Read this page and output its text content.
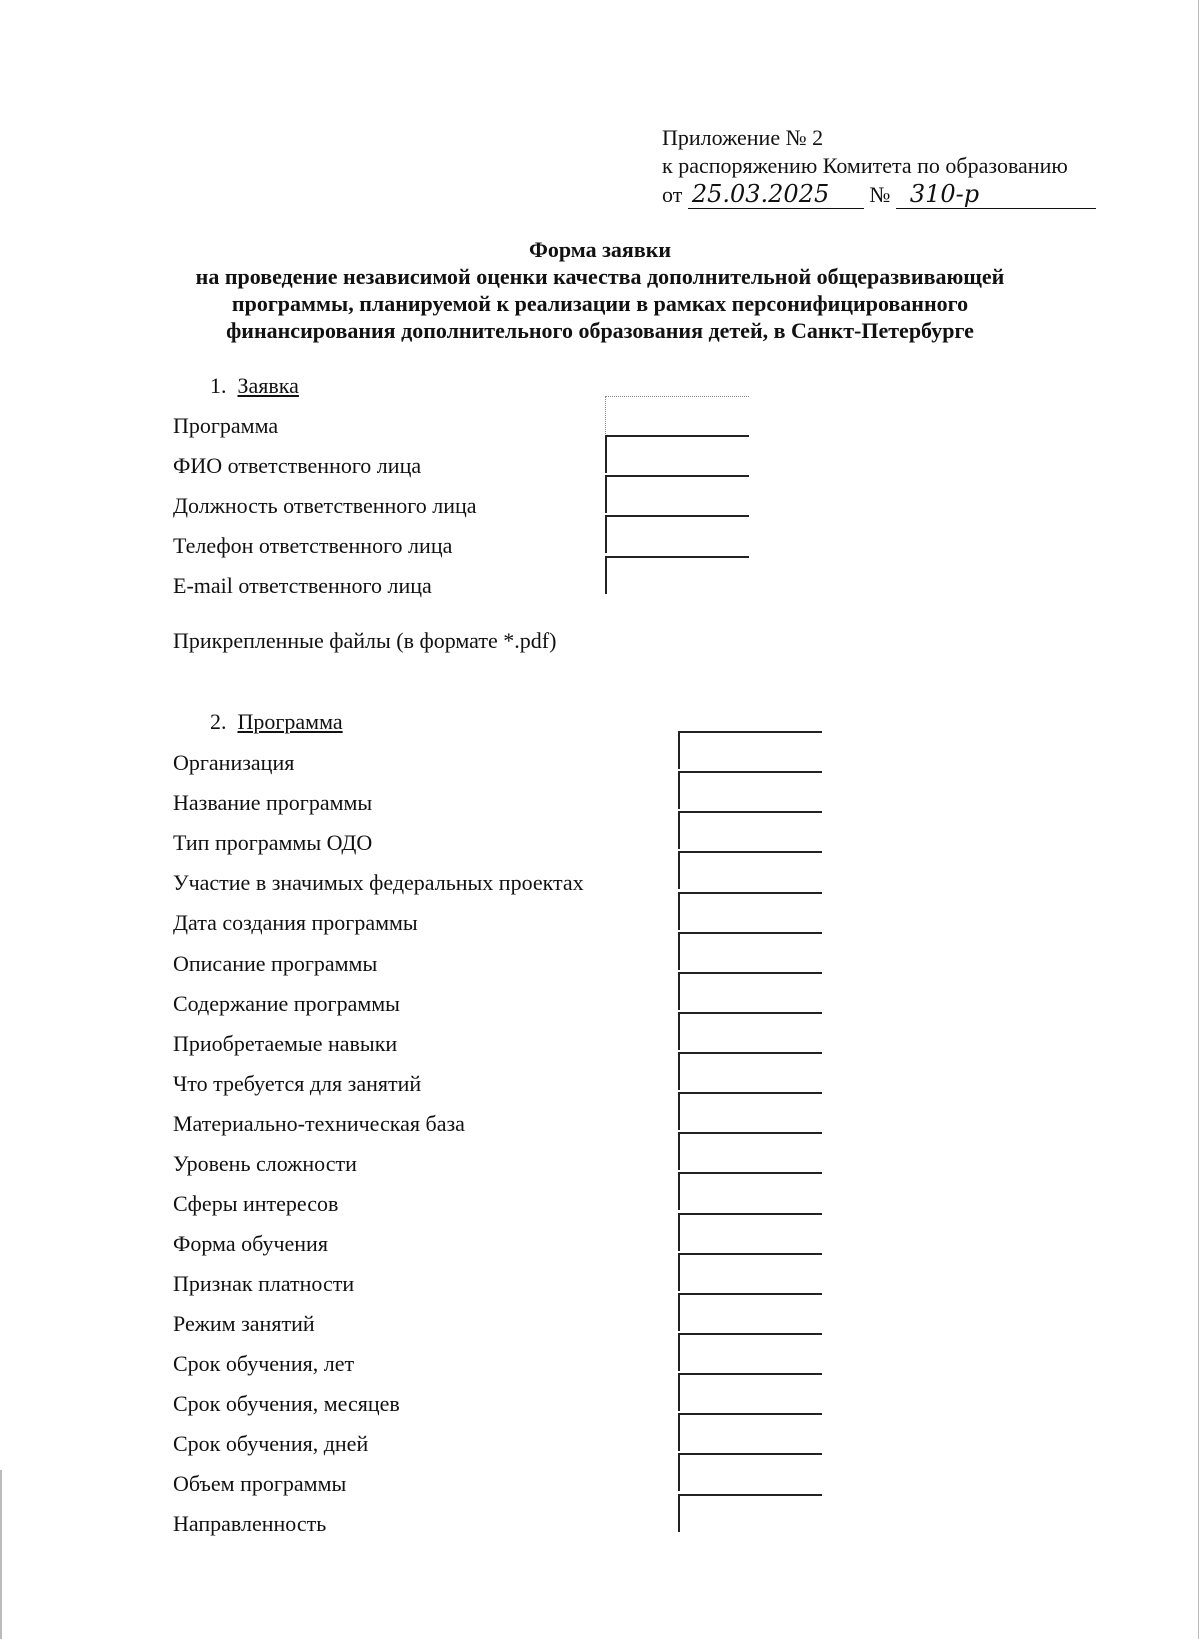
Приложение № 2
к распоряжению Комитета по образованию
от 25.03.2025 № 310-р
Форма заявки
на проведение независимой оценки качества дополнительной общеразвивающей
программы, планируемой к реализации в рамках персонифицированного
финансирования дополнительного образования детей, в Санкт-Петербурге
1. Заявка
Программа
ФИО ответственного лица
Должность ответственного лица
Телефон ответственного лица
E-mail ответственного лица
Прикрепленные файлы (в формате *.pdf)
2. Программа
Организация
Название программы
Тип программы ОДО
Участие в значимых федеральных проектах
Дата создания программы
Описание программы
Содержание программы
Приобретаемые навыки
Что требуется для занятий
Материально-техническая база
Уровень сложности
Сферы интересов
Форма обучения
Признак платности
Режим занятий
Срок обучения, лет
Срок обучения, месяцев
Срок обучения, дней
Объем программы
Направленность
